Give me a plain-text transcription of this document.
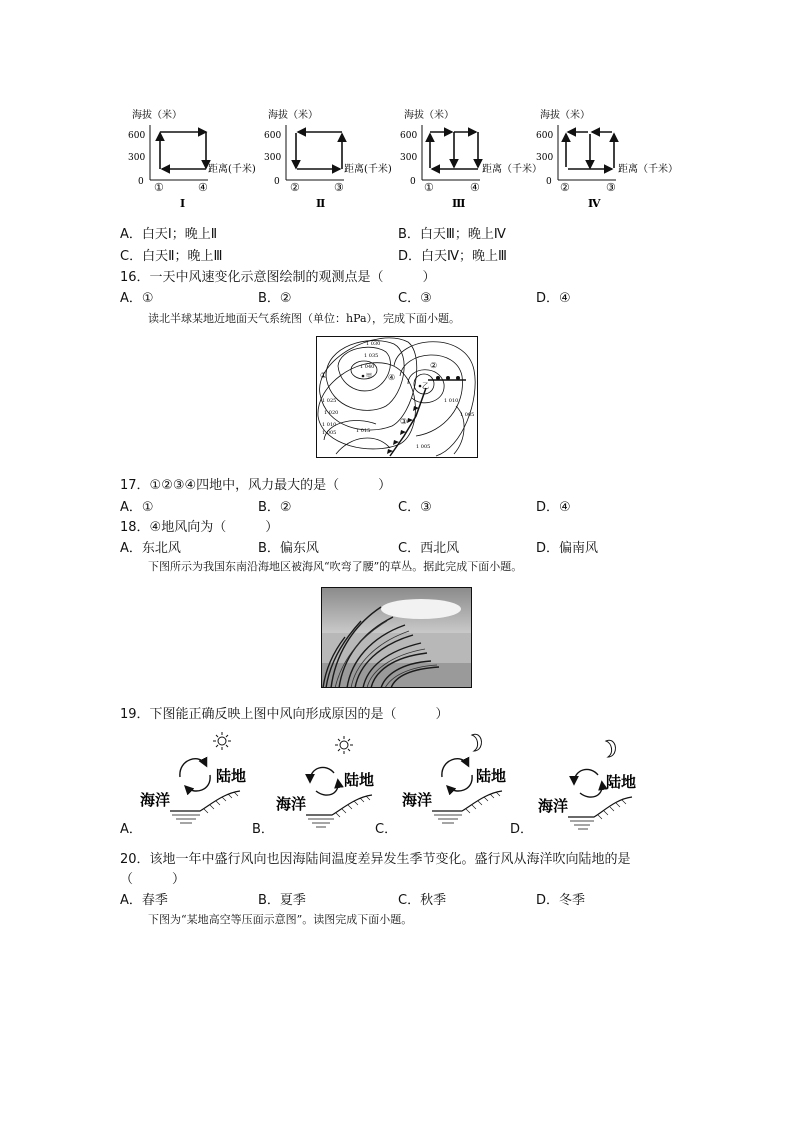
海拔（米）
600
300
0
距离(千米)
①	④
Ⅰ
海拔（米）
600
300
0
距离(千米)
②	③
Ⅱ
海拔（米）
600
300
0
距离（千米）
①	④
Ⅲ
海拔（米）
600
300
0
距离（千米）
②	③
Ⅳ
A．白天Ⅰ；晚上Ⅱ	B．白天Ⅲ；晚上Ⅳ
C．白天Ⅱ；晚上Ⅲ	D．白天Ⅳ；晚上Ⅲ
16．一天中风速变化示意图绘制的观测点是（　　　）
A．①	B．②	C．③	D．④
读北半球某地近地面天气系统图（单位：hPa），完成下面小题。
1 030
1 035
1 040
1 025
1 020
1 015
1 010
1 005
1 010
1 005
1 005
甲
乙
①
②
③
④
17．①②③④四地中，风力最大的是（　　　）
A．①	B．②	C．③	D．④
18．④地风向为（　　　）
A．东北风	B．偏东风	C．西北风	D．偏南风
下图所示为我国东南沿海地区被海风“吹弯了腰”的草丛。据此完成下面小题。
19．下图能正确反映上图中风向形成原因的是（　　　）
陆地
海洋
陆地
海洋
陆地
海洋
陆地
海洋
A．	B．	C．	D．
20．该地一年中盛行风向也因海陆间温度差异发生季节变化。盛行风从海洋吹向陆地的是
（　　　）
A．春季	B．夏季	C．秋季	D．冬季
下图为“某地高空等压面示意图”。读图完成下面小题。
